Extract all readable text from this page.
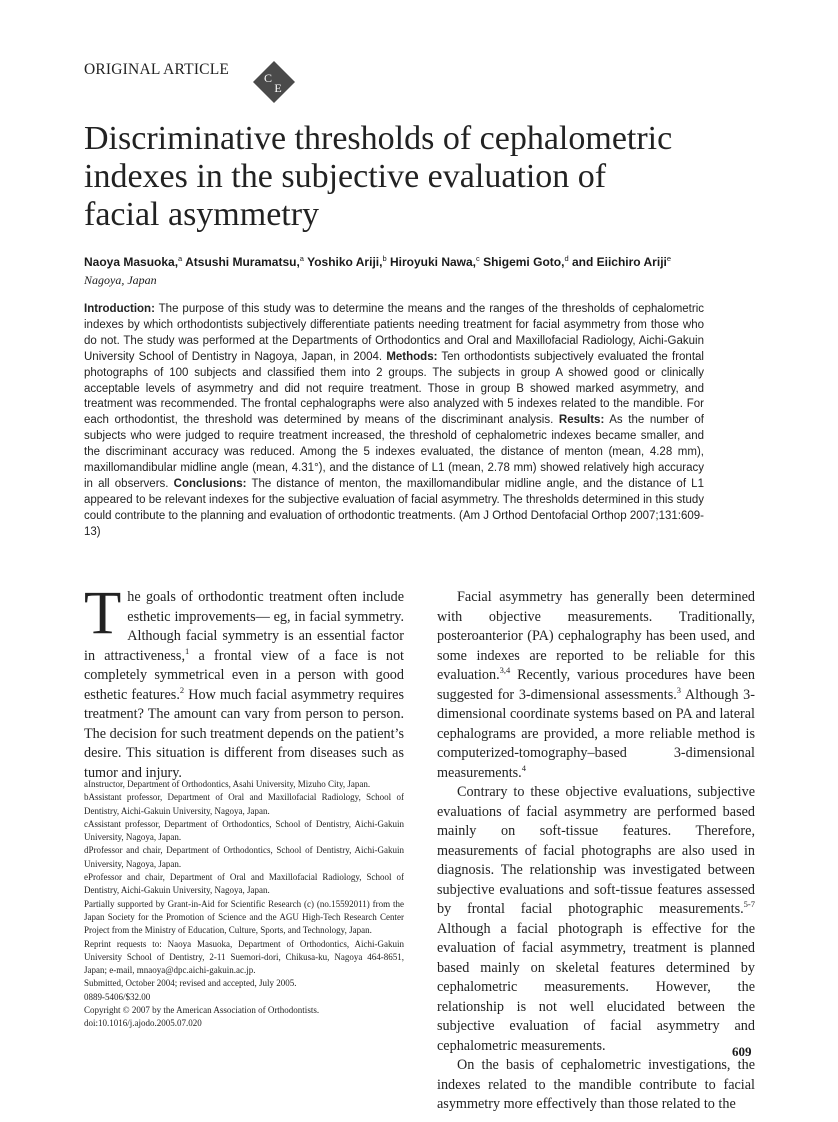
ORIGINAL ARTICLE	C
E
Discriminative thresholds of cephalometric
indexes in the subjective evaluation of
facial asymmetry
Naoya Masuoka,$^a$ Atsushi Muramatsu,$^a$ Yoshiko Ariji,$^b$ Hiroyuki Nawa,$^c$ Shigemi Goto,$^d$ and Eiichiro Ariji$^e$
Nagoya, Japan

Introduction: The purpose of this study was to determine the means and the ranges of the thresholds of cephalometric indexes by which orthodontists subjectively differentiate patients needing treatment for facial asymmetry from those who do not. The study was performed at the Departments of Orthodontics and Oral and Maxillofacial Radiology, Aichi-Gakuin University School of Dentistry in Nagoya, Japan, in 2004. Methods: Ten orthodontists subjectively evaluated the frontal photographs of 100 subjects and classified them into 2 groups. The subjects in group A showed good or clinically acceptable levels of asymmetry and did not require treatment. Those in group B showed marked asymmetry, and treatment was recommended. The frontal cephalographs were also analyzed with 5 indexes related to the mandible. For each orthodontist, the threshold was determined by means of the discriminant analysis. Results: As the number of subjects who were judged to require treatment increased, the threshold of cephalometric indexes became smaller, and the discriminant accuracy was reduced. Among the 5 indexes evaluated, the distance of menton (mean, 4.28 mm), maxillomandibular midline angle (mean, 4.31°), and the distance of L1 (mean, 2.78 mm) showed relatively high accuracy in all observers. Conclusions: The distance of menton, the maxillomandibular midline angle, and the distance of L1 appeared to be relevant indexes for the subjective evaluation of facial asymmetry. The thresholds determined in this study could contribute to the planning and evaluation of orthodontic treatments. (Am J Orthod Dentofacial Orthop 2007;131:609-13)

The goals of orthodontic treatment often include esthetic improvements— eg, in facial symmetry. Although facial symmetry is an essential factor in attractiveness,$^1$ a frontal view of a face is not completely symmetrical even in a person with good esthetic features.$^2$ How much facial asymmetry requires treatment? The amount can vary from person to person. The decision for such treatment depends on the patient’s desire. This situation is different from diseases such as tumor and injury.

aInstructor, Department of Orthodontics, Asahi University, Mizuho City, Japan.
bAssistant professor, Department of Oral and Maxillofacial Radiology, School of Dentistry, Aichi-Gakuin University, Nagoya, Japan.
cAssistant professor, Department of Orthodontics, School of Dentistry, Aichi-Gakuin University, Nagoya, Japan.
dProfessor and chair, Department of Orthodontics, School of Dentistry, Aichi-Gakuin University, Nagoya, Japan.
eProfessor and chair, Department of Oral and Maxillofacial Radiology, School of Dentistry, Aichi-Gakuin University, Nagoya, Japan.
Partially supported by Grant-in-Aid for Scientific Research (c) (no.15592011) from the Japan Society for the Promotion of Science and the AGU High-Tech Research Center Project from the Ministry of Education, Culture, Sports, and Technology, Japan.
Reprint requests to: Naoya Masuoka, Department of Orthodontics, Aichi-Gakuin University School of Dentistry, 2-11 Suemori-dori, Chikusa-ku, Nagoya 464-8651, Japan; e-mail, mnaoya@dpc.aichi-gakuin.ac.jp.
Submitted, October 2004; revised and accepted, July 2005.
0889-5406/$32.00
Copyright © 2007 by the American Association of Orthodontists.
doi:10.1016/j.ajodo.2005.07.020

Facial asymmetry has generally been determined with objective measurements. Traditionally, posteroanterior (PA) cephalography has been used, and some indexes are reported to be reliable for this evaluation.$^{3,4}$ Recently, various procedures have been suggested for 3-dimensional assessments.$^3$ Although 3-dimensional coordinate systems based on PA and lateral cephalograms are provided, a more reliable method is computerized-tomography–based 3-dimensional measurements.$^4$

Contrary to these objective evaluations, subjective evaluations of facial asymmetry are performed based mainly on soft-tissue features. Therefore, measurements of facial photographs are also used in diagnosis. The relationship was investigated between subjective evaluations and soft-tissue features assessed by frontal facial photographic measurements.$^{5-7}$ Although a facial photograph is effective for the evaluation of facial asymmetry, treatment is planned based mainly on skeletal features determined by cephalometric measurements. However, the relationship is not well elucidated between the subjective evaluation of facial asymmetry and cephalometric measurements.

On the basis of cephalometric investigations, the indexes related to the mandible contribute to facial asymmetry more effectively than those related to the

609
